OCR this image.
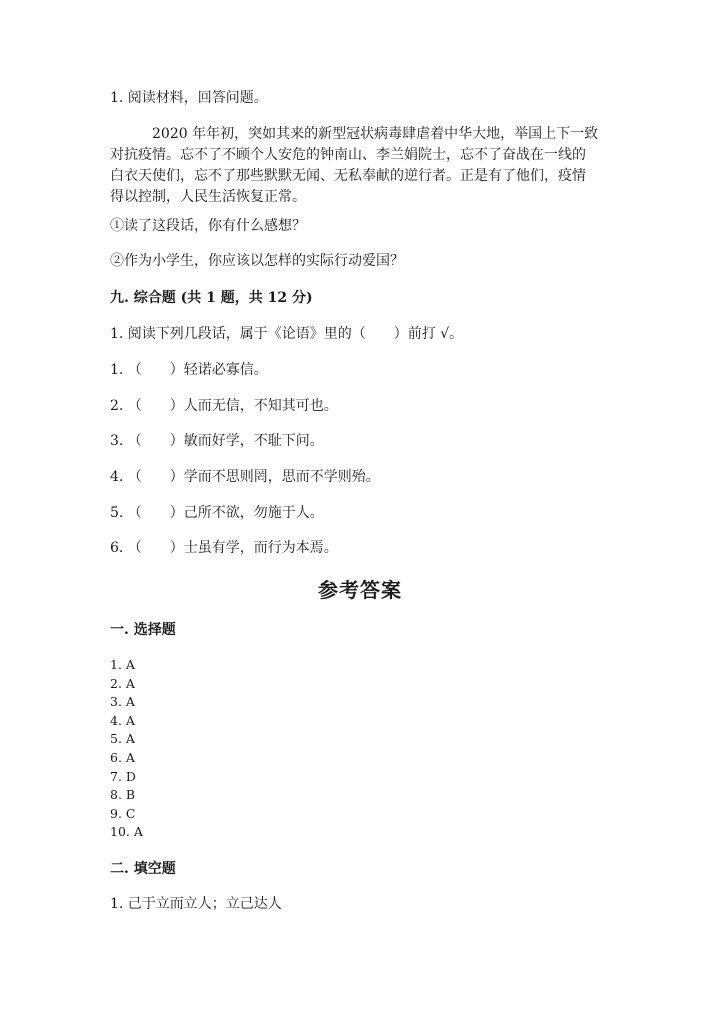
1. 阅读材料，回答问题。

2020 年年初，突如其来的新型冠状病毒肆虐着中华大地，举国上下一致

对抗疫情。忘不了不顾个人安危的钟南山、李兰娟院士，忘不了奋战在一线的

白衣天使们，忘不了那些默默无闻、无私奉献的逆行者。正是有了他们，疫情

得以控制，人民生活恢复正常。

①读了这段话，你有什么感想？
②作为小学生，你应该以怎样的实际行动爱国？
九. 综合题 (共 1 题，共 12 分)
1. 阅读下列几段话，属于《论语》里的（　　）前打 √。
1. （　　）轻诺必寡信。
2. （　　）人而无信，不知其可也。
3. （　　）敏而好学，不耻下问。
4. （　　）学而不思则罔，思而不学则殆。
5. （　　）己所不欲，勿施于人。
6. （　　）士虽有学，而行为本焉。
参考答案
一. 选择题
1. A
2. A
3. A
4. A
5. A
6. A
7. D
8. B
9. C
10. A
二. 填空题
1. 己于立而立人；立己达人
